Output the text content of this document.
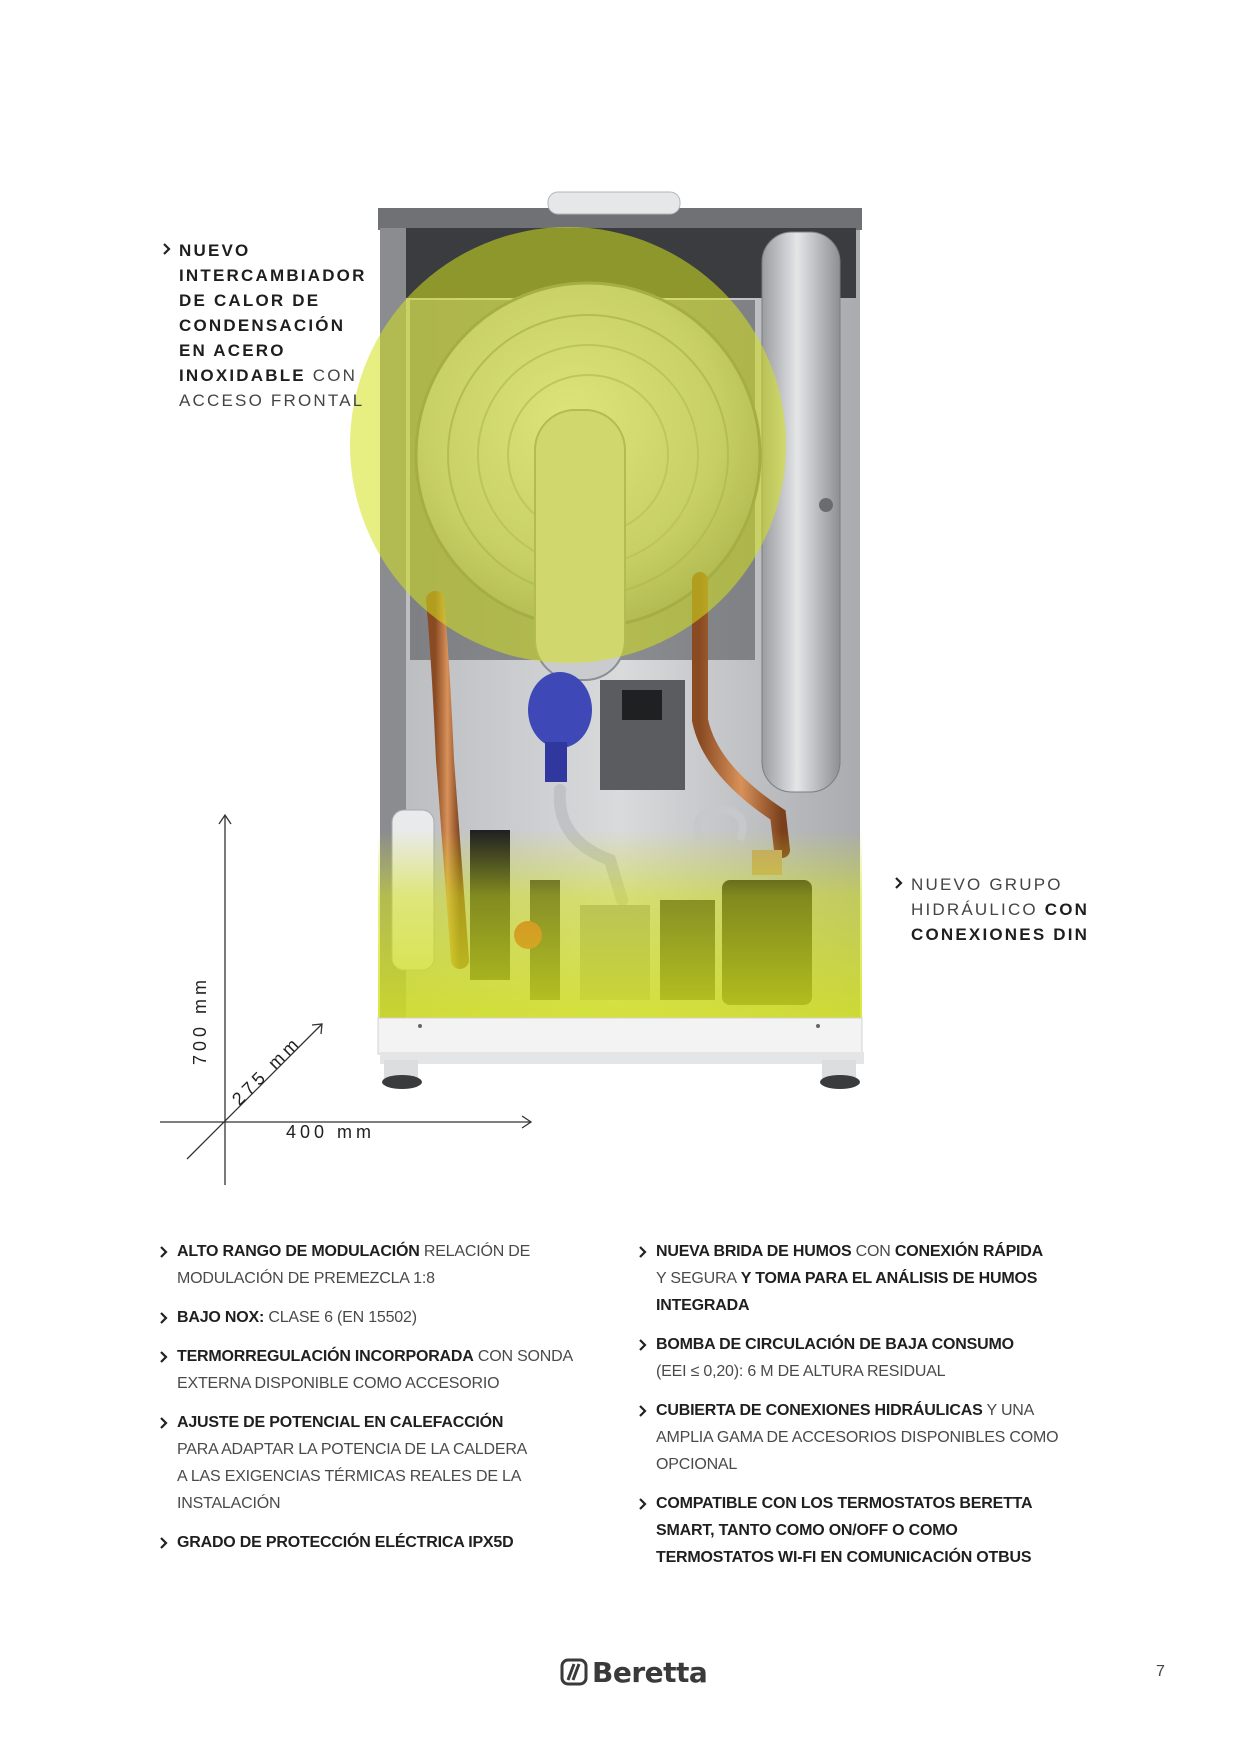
700 mm
275 mm
400 mm
NUEVO
INTERCAMBIADOR
DE CALOR DE
CONDENSACIÓN
EN ACERO
INOXIDABLE CON
ACCESO FRONTAL
NUEVO GRUPO
HIDRÁULICO CON
CONEXIONES DIN
ALTO RANGO DE MODULACIÓN RELACIÓN DE
MODULACIÓN DE PREMEZCLA 1:8
BAJO NOX: CLASE 6 (EN 15502)
TERMORREGULACIÓN INCORPORADA CON SONDA
EXTERNA DISPONIBLE COMO ACCESORIO
AJUSTE DE POTENCIAL EN CALEFACCIÓN
PARA ADAPTAR LA POTENCIA DE LA CALDERA
A LAS EXIGENCIAS TÉRMICAS REALES DE LA
INSTALACIÓN
GRADO DE PROTECCIÓN ELÉCTRICA IPX5D
NUEVA BRIDA DE HUMOS CON CONEXIÓN RÁPIDA
Y SEGURA Y TOMA PARA EL ANÁLISIS DE HUMOS
INTEGRADA
BOMBA DE CIRCULACIÓN DE BAJA CONSUMO
(EEI ≤ 0,20): 6 M DE ALTURA RESIDUAL
CUBIERTA DE CONEXIONES HIDRÁULICAS Y UNA
AMPLIA GAMA DE ACCESORIOS DISPONIBLES COMO
OPCIONAL
COMPATIBLE CON LOS TERMOSTATOS BERETTA
SMART, TANTO COMO ON/OFF O COMO
TERMOSTATOS WI-FI EN COMUNICACIÓN OTBUS
Beretta	7
